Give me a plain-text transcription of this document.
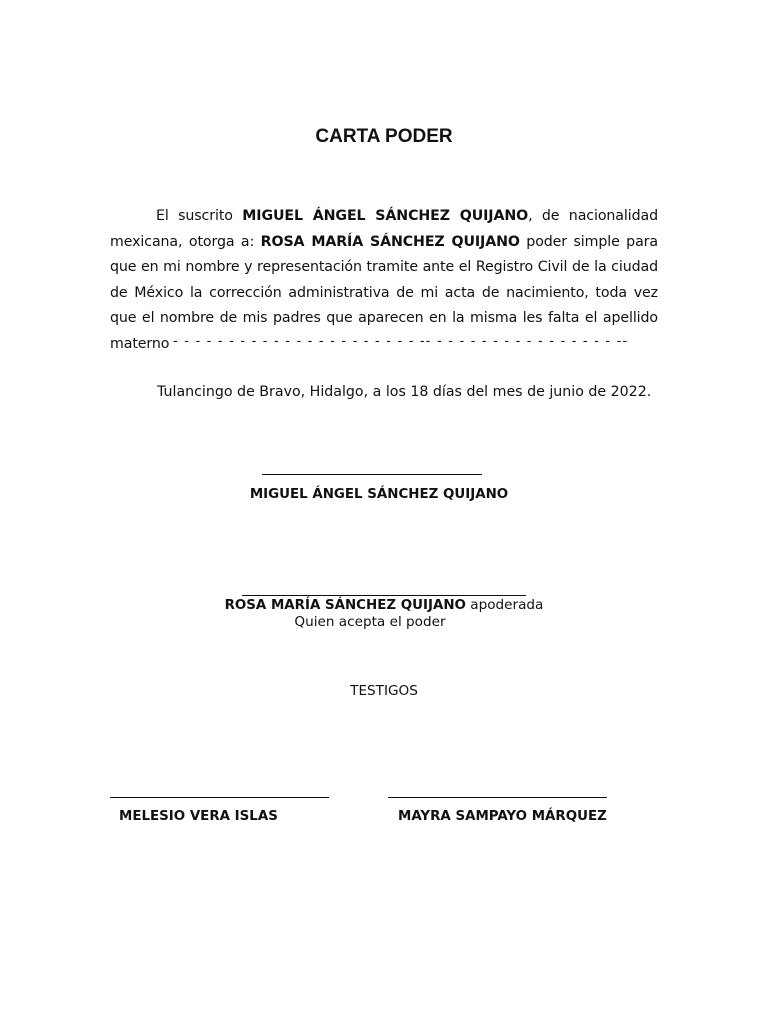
CARTA PODER

El suscrito MIGUEL ÁNGEL SÁNCHEZ QUIJANO, de nacionalidad mexicana, otorga a: ROSA MARÍA SÁNCHEZ QUIJANO poder simple para que en mi nombre y representación tramite ante el Registro Civil de la ciudad de México la corrección administrativa de mi acta de nacimiento, toda vez que el nombre de mis padres que aparecen en la misma les falta el apellido materno - - - - - - - - - - - - - - - - - - - - - - -- - - - - - - - - - - - - - - - - --
Tulancingo de Bravo, Hidalgo, a los 18 días del mes de junio de 2022.
MIGUEL ÁNGEL SÁNCHEZ QUIJANO
ROSA MARÍA SÁNCHEZ QUIJANO apoderada
Quien acepta el poder
TESTIGOS
MELESIO VERA ISLAS	MAYRA SAMPAYO MÁRQUEZ
